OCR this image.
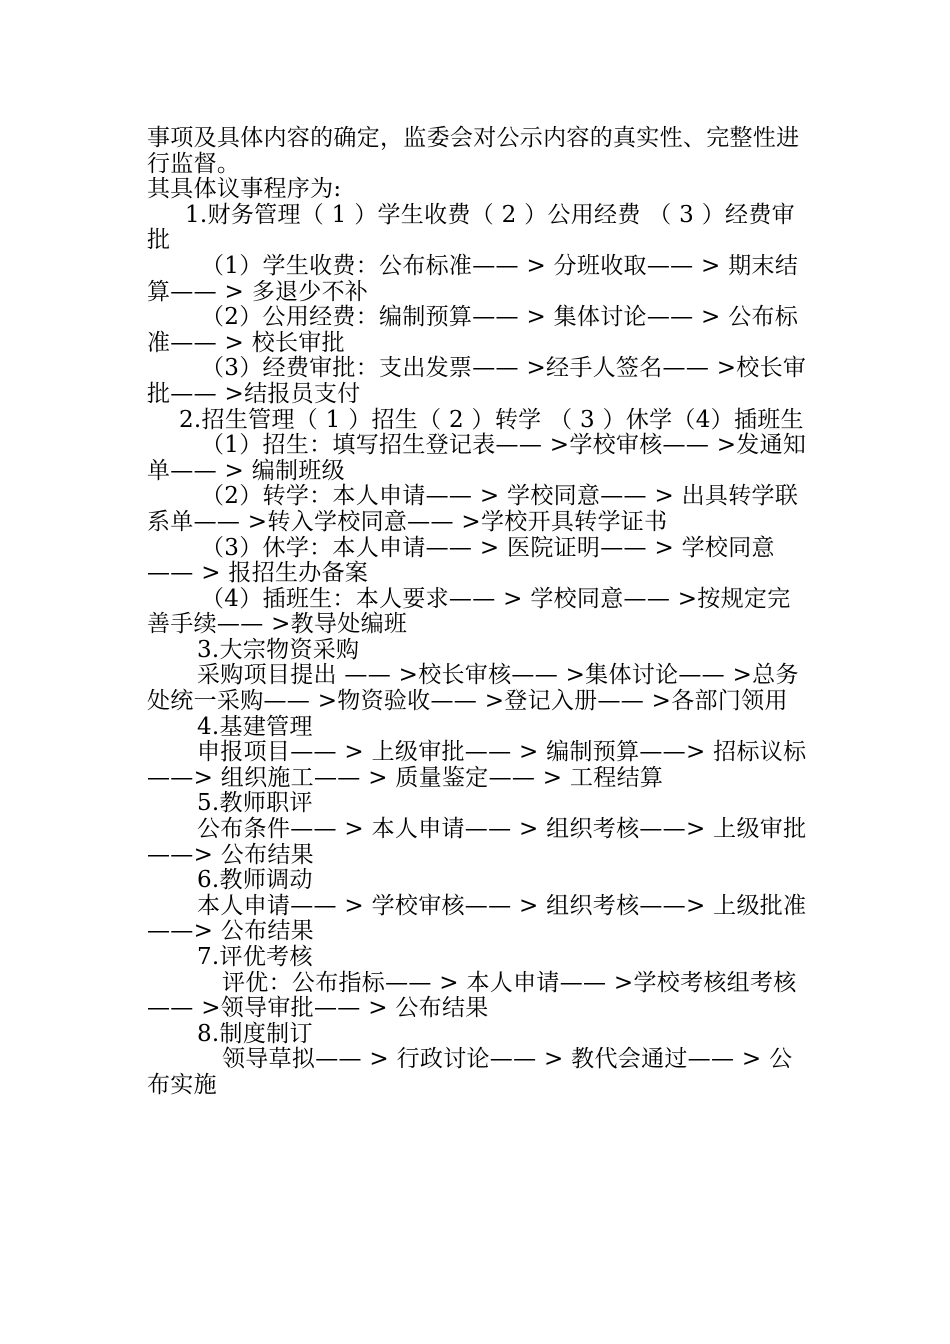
事项及具体内容的确定，监委会对公示内容的真实性、完整性进行监督。

其具体议事程序为:

1.财务管理（ 1 ）学生收费（ 2 ）公用经费 （ 3 ）经费审批

（1）学生收费：公布标准—— > 分班收取—— > 期末结算—— > 多退少不补

（2）公用经费：编制预算—— > 集体讨论—— > 公布标准—— > 校长审批

（3）经费审批：支出发票—— >经手人签名—— >校长审批—— >结报员支付

2.招生管理（ 1 ）招生（ 2 ）转学 （ 3 ）休学（4）插班生

（1）招生：填写招生登记表—— >学校审核—— >发通知单—— > 编制班级

（2）转学：本人申请—— > 学校同意—— > 出具转学联系单—— >转入学校同意—— >学校开具转学证书

（3）休学：本人申请—— > 医院证明—— > 学校同意—— > 报招生办备案

（4）插班生：本人要求—— > 学校同意—— >按规定完善手续—— >教导处编班

3.大宗物资采购

采购项目提出 —— >校长审核—— >集体讨论—— >总务处统一采购—— >物资验收—— >登记入册—— >各部门领用

4.基建管理

申报项目—— > 上级审批—— > 编制预算——> 招标议标——> 组织施工—— > 质量鉴定—— > 工程结算

5.教师职评

公布条件—— > 本人申请—— > 组织考核——> 上级审批——> 公布结果

6.教师调动

本人申请—— > 学校审核—— > 组织考核——> 上级批准——> 公布结果

7.评优考核

评优：公布指标—— > 本人申请—— >学校考核组考核—— >领导审批—— > 公布结果

8.制度制订

领导草拟—— > 行政讨论—— > 教代会通过—— > 公布实施
